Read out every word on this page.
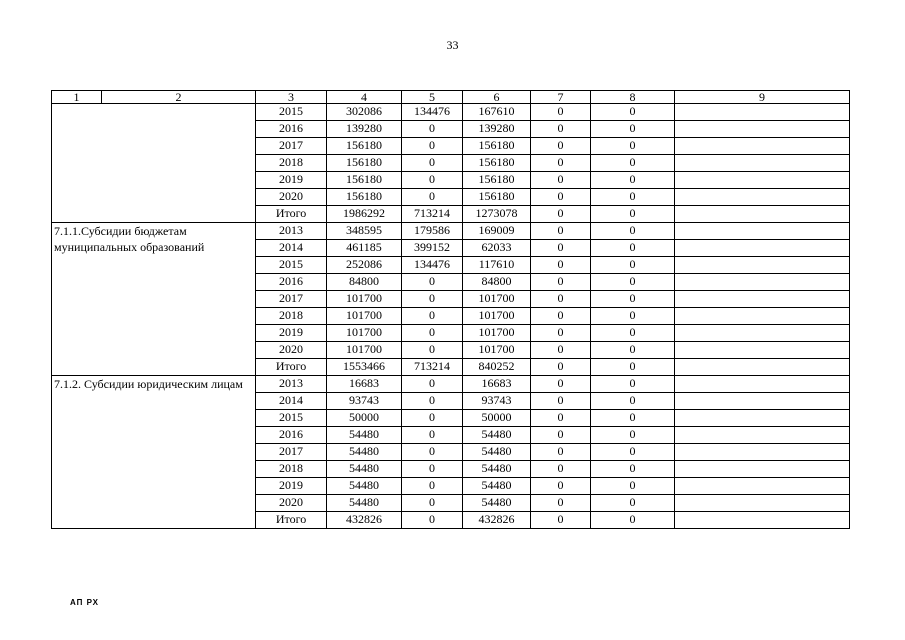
33
1	2	3	4	5	6	7	8	9
		2015	302086	134476	167610	0	0	
		2016	139280	0	139280	0	0	
		2017	156180	0	156180	0	0	
		2018	156180	0	156180	0	0	
		2019	156180	0	156180	0	0	
		2020	156180	0	156180	0	0	
		Итого	1986292	713214	1273078	0	0	
7.1.1.Субсидии бюджетам муниципальных образований		2013	348595	179586	169009	0	0	
		2014	461185	399152	62033	0	0	
		2015	252086	134476	117610	0	0	
		2016	84800	0	84800	0	0	
		2017	101700	0	101700	0	0	
		2018	101700	0	101700	0	0	
		2019	101700	0	101700	0	0	
		2020	101700	0	101700	0	0	
		Итого	1553466	713214	840252	0	0	
7.1.2. Субсидии юридическим лицам		2013	16683	0	16683	0	0	
		2014	93743	0	93743	0	0	
		2015	50000	0	50000	0	0	
		2016	54480	0	54480	0	0	
		2017	54480	0	54480	0	0	
		2018	54480	0	54480	0	0	
		2019	54480	0	54480	0	0	
		2020	54480	0	54480	0	0	
		Итого	432826	0	432826	0	0	
АП РХ
